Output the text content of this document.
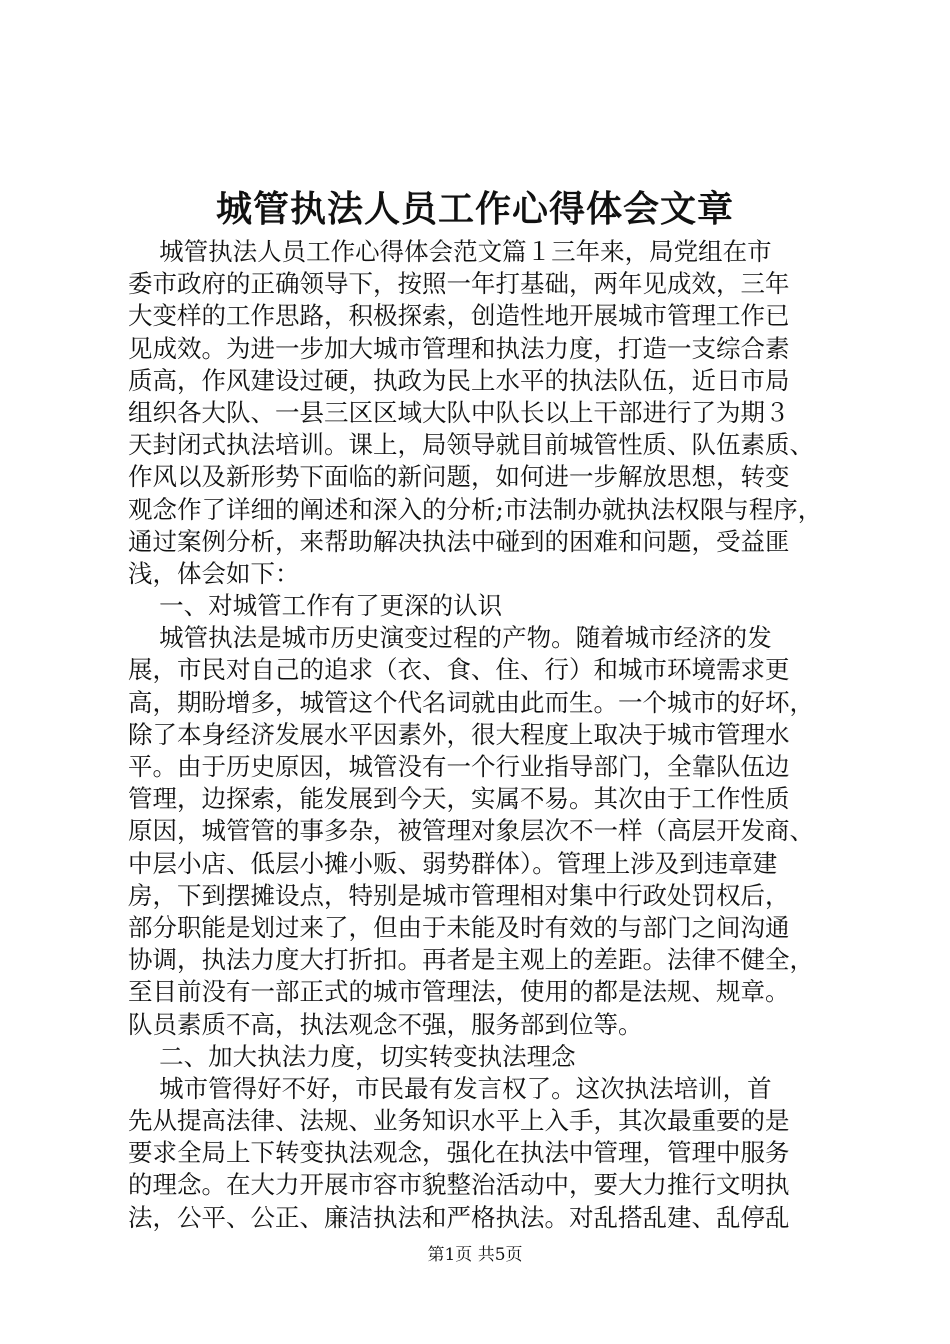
城管执法人员工作心得体会文章
城管执法人员工作心得体会范文篇１三年来，局党组在市
委市政府的正确领导下，按照一年打基础，两年见成效，三年
大变样的工作思路，积极探索，创造性地开展城市管理工作已
见成效。为进一步加大城市管理和执法力度，打造一支综合素
质高，作风建设过硬，执政为民上水平的执法队伍，近日市局
组织各大队、一县三区区域大队中队长以上干部进行了为期３
天封闭式执法培训。课上，局领导就目前城管性质、队伍素质、
作风以及新形势下面临的新问题，如何进一步解放思想，转变
观念作了详细的阐述和深入的分析;市法制办就执法权限与程序，
通过案例分析，来帮助解决执法中碰到的困难和问题，受益匪
浅，体会如下：
一、对城管工作有了更深的认识
城管执法是城市历史演变过程的产物。随着城市经济的发
展，市民对自己的追求（衣、食、住、行）和城市环境需求更
高，期盼增多，城管这个代名词就由此而生。一个城市的好坏，
除了本身经济发展水平因素外，很大程度上取决于城市管理水
平。由于历史原因，城管没有一个行业指导部门，全靠队伍边
管理，边探索，能发展到今天，实属不易。其次由于工作性质
原因，城管管的事多杂，被管理对象层次不一样（高层开发商、
中层小店、低层小摊小贩、弱势群体）。管理上涉及到违章建
房，下到摆摊设点，特别是城市管理相对集中行政处罚权后，
部分职能是划过来了，但由于未能及时有效的与部门之间沟通
协调，执法力度大打折扣。再者是主观上的差距。法律不健全，
至目前没有一部正式的城市管理法，使用的都是法规、规章。
队员素质不高，执法观念不强，服务部到位等。
二、加大执法力度，切实转变执法理念
城市管得好不好，市民最有发言权了。这次执法培训，首
先从提高法律、法规、业务知识水平上入手，其次最重要的是
要求全局上下转变执法观念，强化在执法中管理，管理中服务
的理念。在大力开展市容市貌整治活动中，要大力推行文明执
法，公平、公正、廉洁执法和严格执法。对乱搭乱建、乱停乱
第1页 共5页
